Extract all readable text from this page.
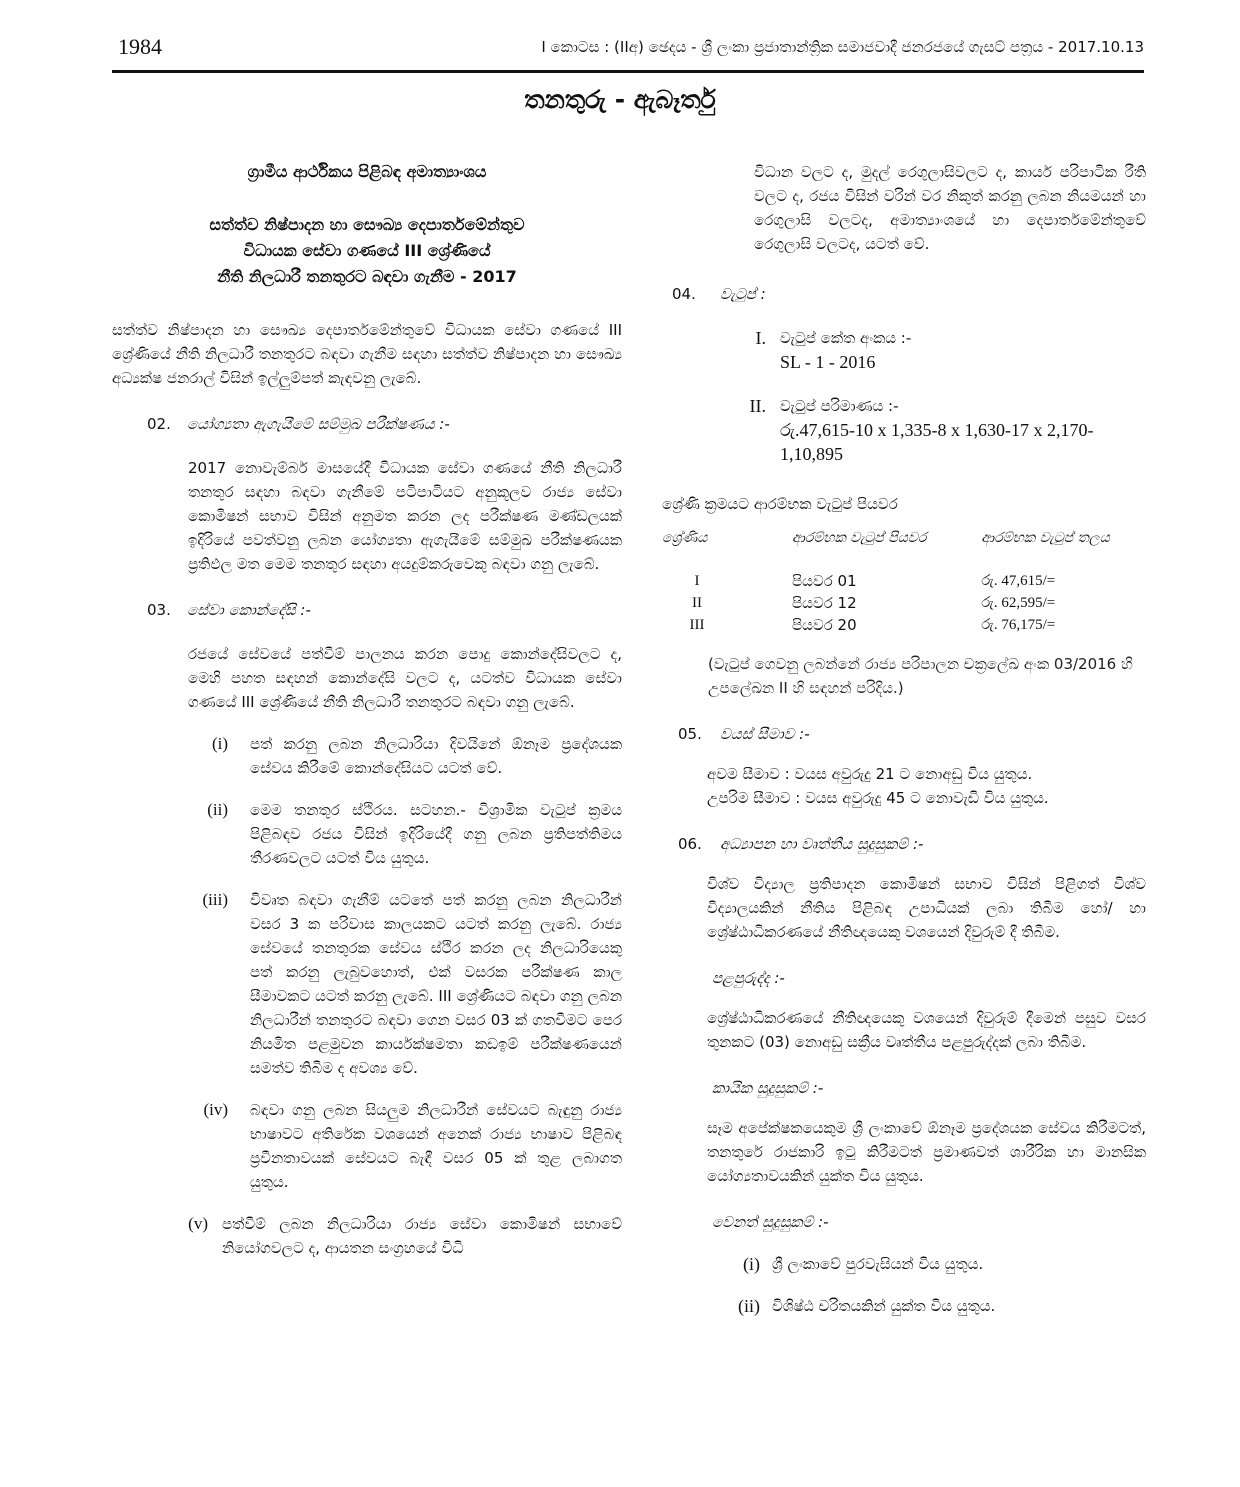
1984	I කොටස : (IIඅ) ඡෙදය - ශ්‍රී ලංකා ප්‍රජාතාන්ත්‍රික සමාජවාදී ජනරජයේ ගැසට් පත්‍රය - 2017.10.13
තනතුරු - ඇබෑර්තු
ග්‍රාමීය ආර්ථිකය පිළිබඳ අමාත්‍යාංශය
සත්ත්ව නිෂ්පාදන හා සෞඛ්‍ය දෙපාර්තමේන්තුව
විධායක සේවා ගණයේ III ශ්‍රේණියේ
නීති නිලධාරී තනතුරට බඳවා ගැනීම - 2017

සත්ත්ව නිෂ්පාදන හා සෞඛ්‍ය දෙපාර්තමේන්තුවේ විධායක සේවා ගණයේ III ශ්‍රේණියේ නීති නිලධාරී තනතුරට බඳවා ගැනීම සඳහා සත්ත්ව නිෂ්පාදන හා සෞඛ්‍ය අධ්‍යක්ෂ ජනරාල් විසින් ඉල්ලුම්පත් කැඳවනු ලැබේ.

02.	යෝග්‍යතා ඇගැයීමේ සම්මුඛ පරීක්ෂණය :-

2017 නොවැම්බර් මාසයේදී විධායක සේවා ගණයේ නීති නිලධාරී තනතුර සඳහා බඳවා ගැනීමේ පටිපාටියට අනුකූලව රාජ්‍ය සේවා කොමිෂන් සභාව විසින් අනුමත කරන ලද පරීක්ෂණ මණ්ඩලයක් ඉදිරියේ පවත්වනු ලබන යෝග්‍යතා ඇගැයීමේ සම්මුඛ පරීක්ෂණයක ප්‍රතිඵල මත මෙම තනතුර සඳහා අයදුම්කරුවෙකු බඳවා ගනු ලැබේ.

03.	සේවා කොන්දේසි :-

රජයේ සේවයේ පත්වීම් පාලනය කරන පොදු කොන්දේසිවලට ද, මෙහි පහත සඳහන් කොන්දේසි වලට ද, යටත්ව විධායක සේවා ගණයේ III ශ්‍රේණියේ නීති නිලධාරී තනතුරට බඳවා ගනු ලැබේ.

(i)	පත් කරනු ලබන නිලධාරියා දිවයිනේ ඕනෑම ප්‍රදේශයක සේවය කිරීමේ කොන්දේසියට යටත් වේ.
(ii)	මෙම තනතුර ස්ථිරය. සටහන.- විශ්‍රාමික වැටුප් ක්‍රමය පිළිබඳව රජය විසින් ඉදිරියේදී ගනු ලබන ප්‍රතිපත්තිමය තීරණවලට යටත් විය යුතුය.
(iii)	විවෘත බඳවා ගැනීම් යටතේ පත් කරනු ලබන නිලධාරීන් වසර 3 ක පරිවාස කාලයකට යටත් කරනු ලැබේ. රාජ්‍ය සේවයේ තනතුරක සේවය ස්ථිර කරන ලද නිලධාරියෙකු පත් කරනු ලැබුවහොත්, එක් වසරක පරීක්ෂණ කාල සීමාවකට යටත් කරනු ලැබේ. III ශ්‍රේණියට බඳවා ගනු ලබන නිලධාරීන් තනතුරට බඳවා ගෙන වසර 03 ක් ගතවීමට පෙර නියමිත පළමුවන කාර්යක්ෂමතා කඩඉම් පරීක්ෂණයෙන් සමත්ව තිබීම ද අවශ්‍ය වේ.
(iv)	බඳවා ගනු ලබන සියලුම නිලධාරීන් සේවයට බැඳුනු රාජ්‍ය භාෂාවට අතිරේක වශයෙන් අනෙක් රාජ්‍ය භාෂාව පිළිබඳ ප්‍රවීනතාවයක් සේවයට බැඳී වසර 05 ක් තුළ ලබාගත යුතුය.
(v) පත්වීම් ලබන නිලධාරියා රාජ්‍ය සේවා කොමිෂන් සභාවේ නියෝගවලට ද, ආයතන සංග්‍රහයේ විධි

විධාන වලට ද, මුදල් රෙගුලාසිවලට ද, කාර්ය පරිපාටික රීති වලට ද, රජය විසින් වරින් වර නිකුත් කරනු ලබන නියමයන් හා රෙගුලාසි වලටද, අමාත්‍යාංශයේ හා දෙපාර්තමේන්තුවේ රෙගුලාසි වලටද, යටත් වේ.

04.	වැටුප් :
I. වැටුප් කේත අංකය :-
SL - 1 - 2016
II. වැටුප් පරිමාණය :-
රු.47,615-10 x 1,335-8 x 1,630-17 x 2,170-1,10,895

ශ්‍රේණි ක්‍රමයට ආරම්භක වැටුප් පියවර

ශ්‍රේණිය	ආරම්භක වැටුප් පියවර	ආරම්භක වැටුප් තලය
I	පියවර 01	රු. 47,615/=
II	පියවර 12	රු. 62,595/=
III	පියවර 20	රු. 76,175/=

(වැටුප් ගෙවනු ලබන්නේ රාජ්‍ය පරිපාලන චක්‍රලේඛ අංක 03/2016 හි උපලේඛන II හි සඳහන් පරිදිය.)

05.	වයස් සීමාව :-
අවම සීමාව : වයස අවුරුදු 21 ට නොඅඩු විය යුතුය.
උපරිම සීමාව : වයස අවුරුදු 45 ට නොවැඩි විය යුතුය.
06.	අධ්‍යාපන හා වෘත්තීය සුදුසුකම් :-

විශ්ව විද්‍යාල ප්‍රතිපාදන කොමිෂන් සභාව විසින් පිළිගත් විශ්ව විද්‍යාලයකින් නීතිය පිළිබඳ උපාධියක් ලබා තිබීම හෝ/ හා ශ්‍රේෂ්ඨාධිකරණයේ නීතිඥයෙකු වශයෙන් දිවුරුම් දී තිබීම.

පළපුරුද්ද :-

ශ්‍රේෂ්ඨාධිකරණයේ නීතිඥයෙකු වශයෙන් දිවුරුම් දීමෙන් පසුව වසර තුනකට (03) නොඅඩු සක්‍රීය වෘත්තීය පළපුරුද්දක් ලබා තිබීම.

කායික සුදුසුකම් :-

සෑම අපේක්ෂකයෙකුම ශ්‍රී ලංකාවේ ඕනෑම ප්‍රදේශයක සේවය කිරීමටත්, තනතුරේ රාජකාරි ඉටු කිරීමටත් ප්‍රමාණවත් ශාරීරික හා මානසික යෝග්‍යතාවයකින් යුක්ත විය යුතුය.

වෙනත් සුදුසුකම් :-
(i) ශ්‍රී ලංකාවේ පුරවැසියන් විය යුතුය.
(ii) විශිෂ්ඨ චරිතයකින් යුක්ත විය යුතුය.
